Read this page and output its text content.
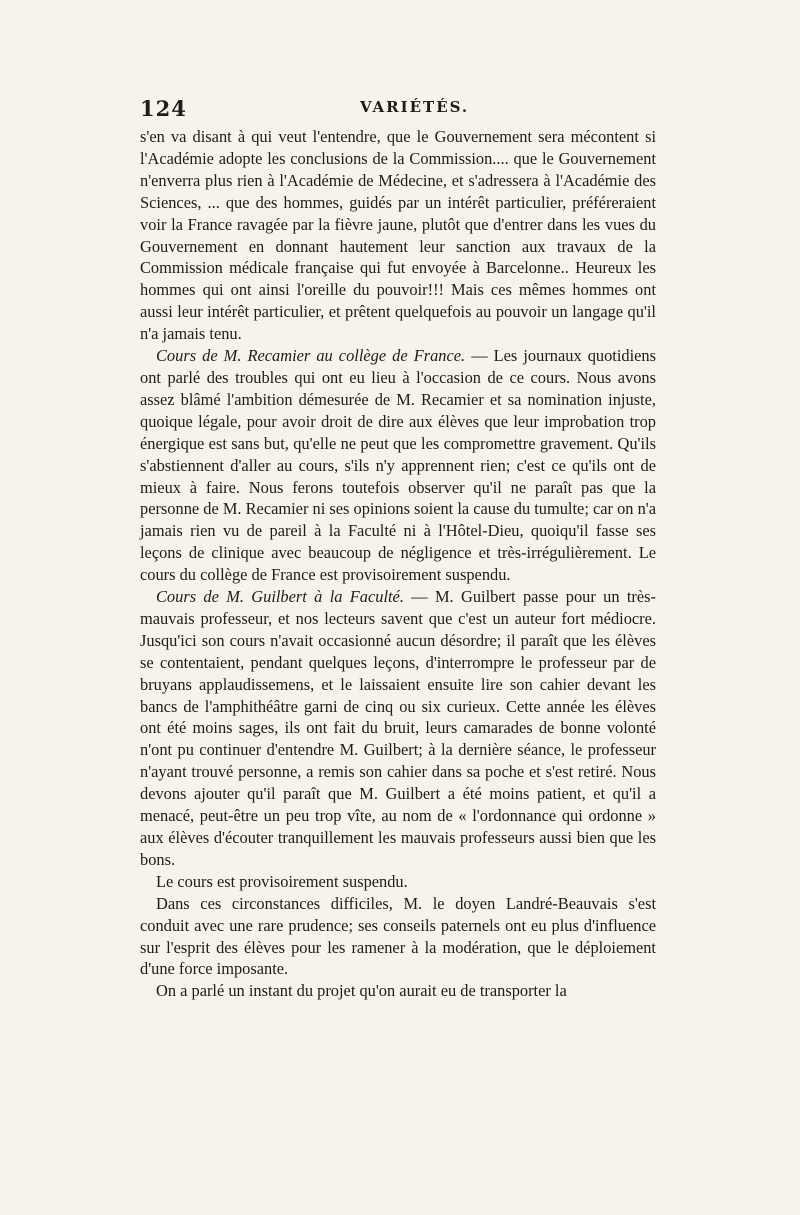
124	VARIÉTÉS.

s'en va disant à qui veut l'entendre, que le Gouvernement sera mécontent si l'Académie adopte les conclusions de la Commission.... que le Gouvernement n'enverra plus rien à l'Académie de Médecine, et s'adressera à l'Académie des Sciences, ... que des hommes, guidés par un intérêt particulier, préféreraient voir la France ravagée par la fièvre jaune, plutôt que d'entrer dans les vues du Gouvernement en donnant hautement leur sanction aux travaux de la Commission médicale française qui fut envoyée à Barcelonne.. Heureux les hommes qui ont ainsi l'oreille du pouvoir!!! Mais ces mêmes hommes ont aussi leur intérêt particulier, et prêtent quelquefois au pouvoir un langage qu'il n'a jamais tenu.

Cours de M. Recamier au collège de France. — Les journaux quotidiens ont parlé des troubles qui ont eu lieu à l'occasion de ce cours. Nous avons assez blâmé l'ambition démesurée de M. Recamier et sa nomination injuste, quoique légale, pour avoir droit de dire aux élèves que leur improbation trop énergique est sans but, qu'elle ne peut que les compromettre gravement. Qu'ils s'abstiennent d'aller au cours, s'ils n'y apprennent rien; c'est ce qu'ils ont de mieux à faire. Nous ferons toutefois observer qu'il ne paraît pas que la personne de M. Recamier ni ses opinions soient la cause du tumulte; car on n'a jamais rien vu de pareil à la Faculté ni à l'Hôtel-Dieu, quoiqu'il fasse ses leçons de clinique avec beaucoup de négligence et très-irrégulièrement. Le cours du collège de France est provisoirement suspendu.

Cours de M. Guilbert à la Faculté. — M. Guilbert passe pour un très-mauvais professeur, et nos lecteurs savent que c'est un auteur fort médiocre. Jusqu'ici son cours n'avait occasionné aucun désordre; il paraît que les élèves se contentaient, pendant quelques leçons, d'interrompre le professeur par de bruyans applaudissemens, et le laissaient ensuite lire son cahier devant les bancs de l'amphithéâtre garni de cinq ou six curieux. Cette année les élèves ont été moins sages, ils ont fait du bruit, leurs camarades de bonne volonté n'ont pu continuer d'entendre M. Guilbert; à la dernière séance, le professeur n'ayant trouvé personne, a remis son cahier dans sa poche et s'est retiré. Nous devons ajouter qu'il paraît que M. Guilbert a été moins patient, et qu'il a menacé, peut-être un peu trop vîte, au nom de « l'ordonnance qui ordonne » aux élèves d'écouter tranquillement les mauvais professeurs aussi bien que les bons.

Le cours est provisoirement suspendu.

Dans ces circonstances difficiles, M. le doyen Landré-Beauvais s'est conduit avec une rare prudence; ses conseils paternels ont eu plus d'influence sur l'esprit des élèves pour les ramener à la modération, que le déploiement d'une force imposante.

On a parlé un instant du projet qu'on aurait eu de transporter la
